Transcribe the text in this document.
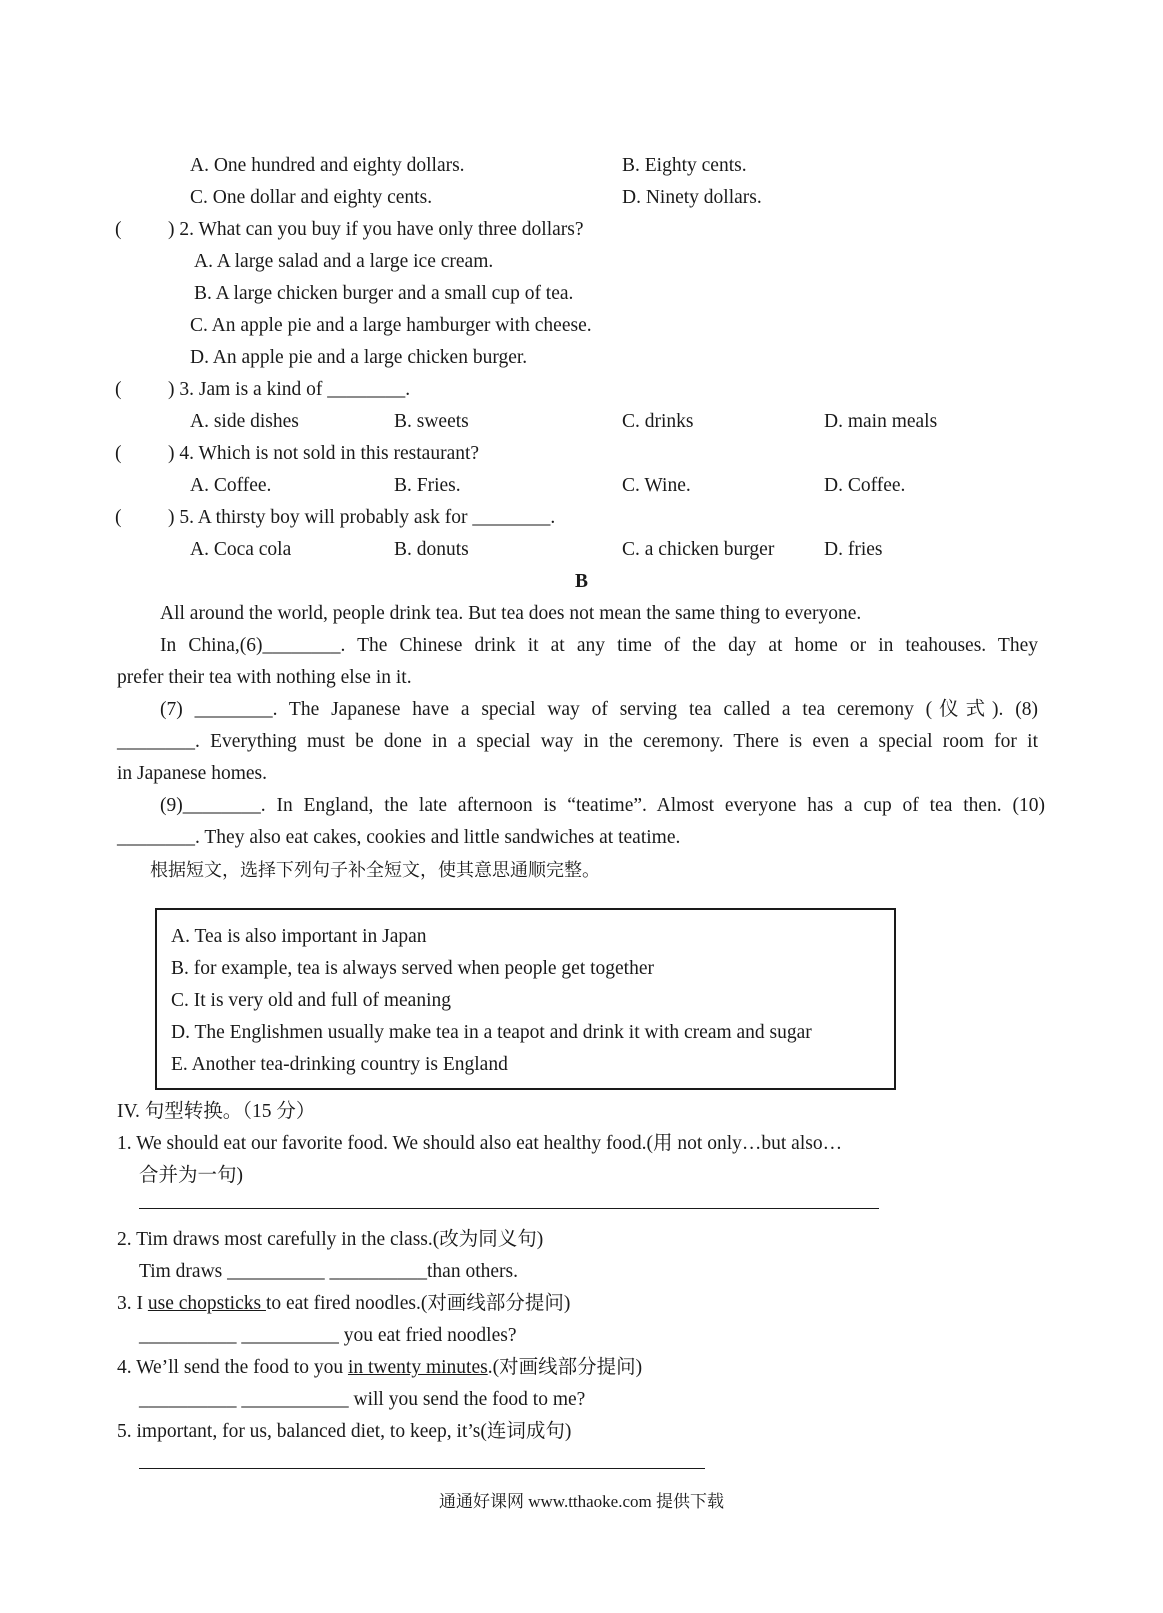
A. One hundred and eighty dollars.	B. Eighty cents.
C. One dollar and eighty cents.	D. Ninety dollars.
( ) 2. What can you buy if you have only three dollars?
A. A large salad and a large ice cream.
B. A large chicken burger and a small cup of tea.
C. An apple pie and a large hamburger with cheese.
D. An apple pie and a large chicken burger.
( ) 3. Jam is a kind of ________.
A. side dishes	B. sweets	C. drinks	D. main meals
( ) 4. Which is not sold in this restaurant?
A. Coffee.	B. Fries.	C. Wine.	D. Coffee.
( ) 5. A thirsty boy will probably ask for ________.
A. Coca cola	B. donuts	C. a chicken burger	D. fries
B
All around the world, people drink tea. But tea does not mean the same thing to everyone.
In China,(6)________. The Chinese drink it at any time of the day at home or in teahouses. They
prefer their tea with nothing else in it.
(7) ________. The Japanese have a special way of serving tea called a tea ceremony (仪式). (8)
________. Everything must be done in a special way in the ceremony. There is even a special room for it
in Japanese homes.
(9)________. In England, the late afternoon is “teatime”. Almost everyone has a cup of tea then. (10)
________. They also eat cakes, cookies and little sandwiches at teatime.
根据短文，选择下列句子补全短文，使其意思通顺完整。
A. Tea is also important in Japan
B. for example, tea is always served when people get together
C. It is very old and full of meaning
D. The Englishmen usually make tea in a teapot and drink it with cream and sugar
E. Another tea-drinking country is England
IV. 句型转换。（15 分）
1. We should eat our favorite food. We should also eat healthy food.(用 not only…but also…
合并为一句)
2. Tim draws most carefully in the class.(改为同义句)
Tim draws __________ __________than others.
3. I use chopsticks to eat fired noodles.(对画线部分提问)
__________ __________ you eat fried noodles?
4. We’ll send the food to you in twenty minutes.(对画线部分提问)
__________ ___________ will you send the food to me?
5. important, for us, balanced diet, to keep, it’s(连词成句)
通通好课网 www.tthaoke.com 提供下载
